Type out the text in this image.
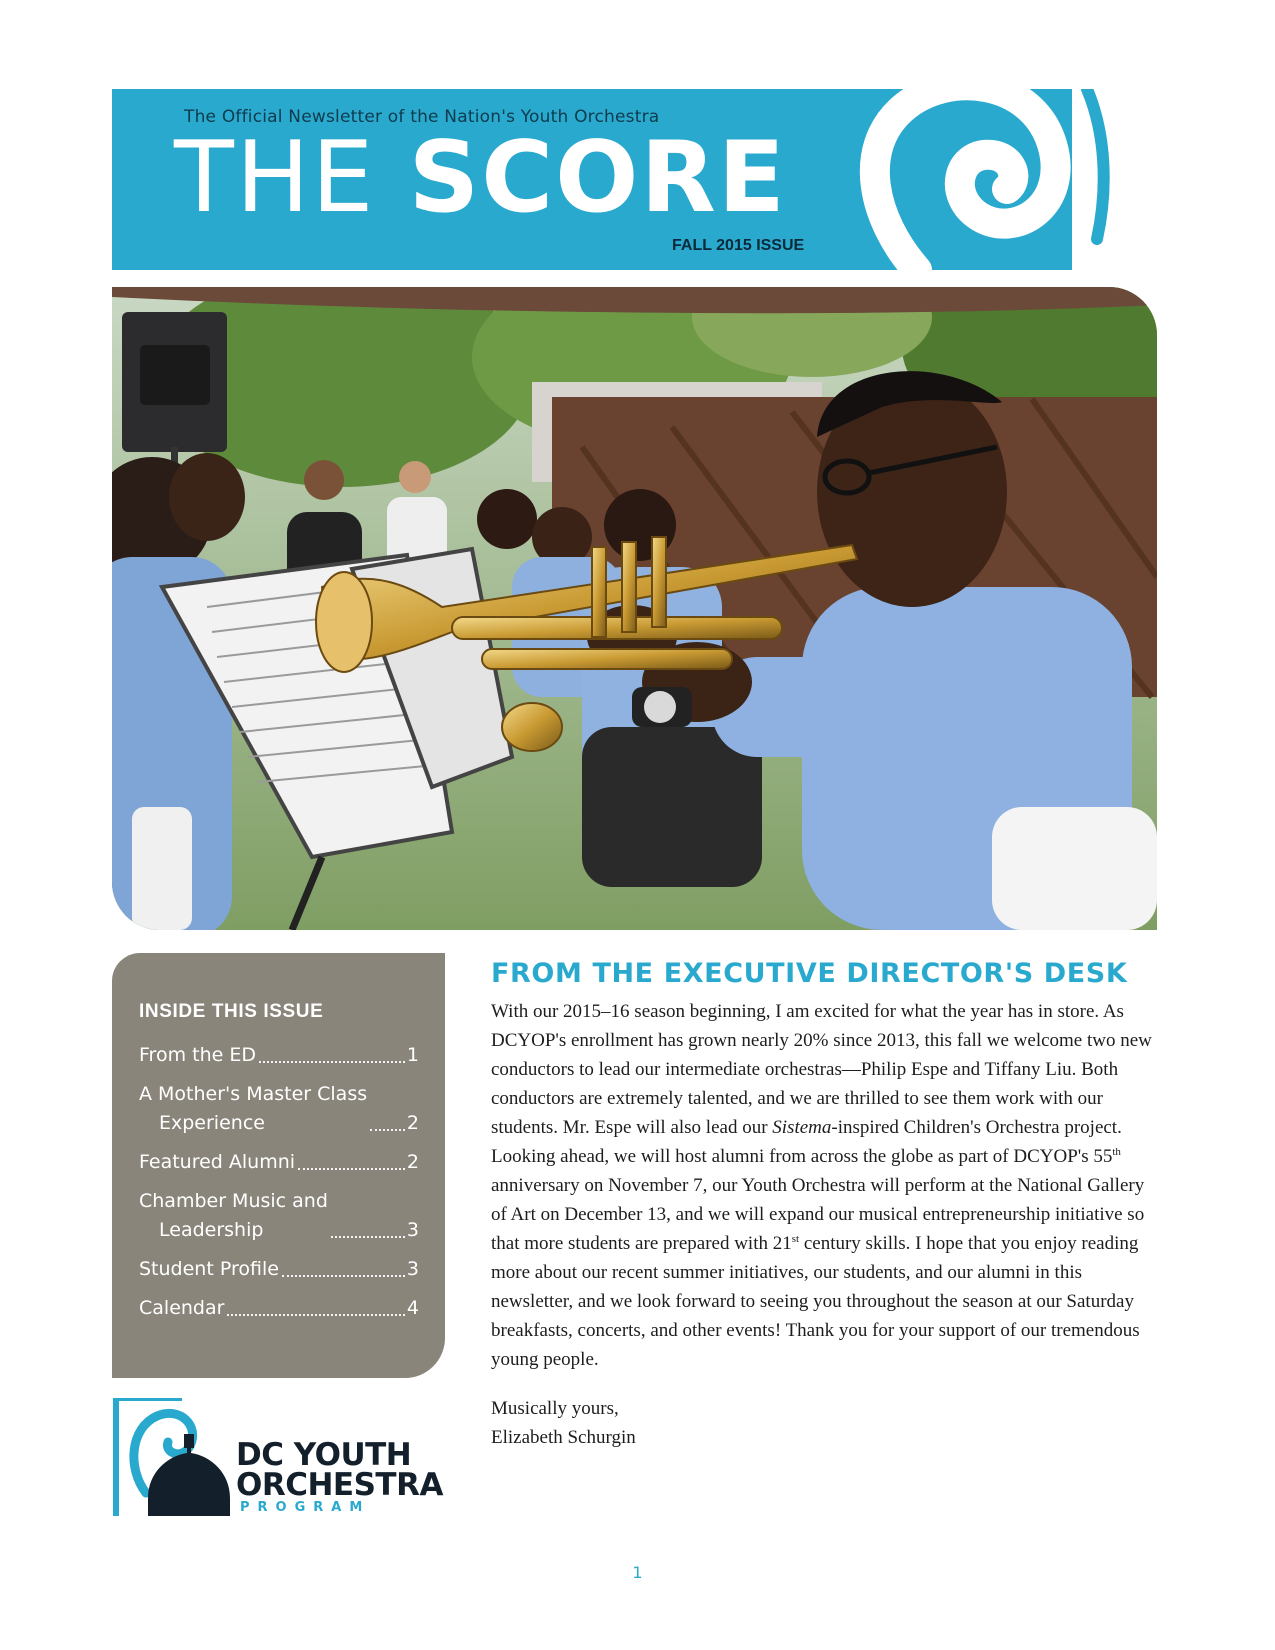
The Official Newsletter of the Nation's Youth Orchestra
THE SCORE
FALL 2015 ISSUE
INSIDE THIS ISSUE
From the ED	1
A Mother's Master Class
Experience	2
Featured Alumni	2
Chamber Music and
Leadership	3
Student Profile	3
Calendar	4
DC YOUTH
ORCHESTRA
PROGRAM
FROM THE EXECUTIVE DIRECTOR'S DESK

With our 2015–16 season beginning, I am excited for what the year has in store. As DCYOP's enrollment has grown nearly 20% since 2013, this fall we welcome two new conductors to lead our intermediate orchestras—Philip Espe and Tiffany Liu. Both conductors are extremely talented, and we are thrilled to see them work with our students. Mr. Espe will also lead our Sistema-inspired Children's Orchestra project. Looking ahead, we will host alumni from across the globe as part of DCYOP's 55th anniversary on November 7, our Youth Orchestra will perform at the National Gallery of Art on December 13, and we will expand our musical entrepreneurship initiative so that more students are prepared with 21st century skills. I hope that you enjoy reading more about our recent summer initiatives, our students, and our alumni in this newsletter, and we look forward to seeing you throughout the season at our Saturday breakfasts, concerts, and other events! Thank you for your support of our tremendous young people.

Musically yours,
Elizabeth Schurgin
1
